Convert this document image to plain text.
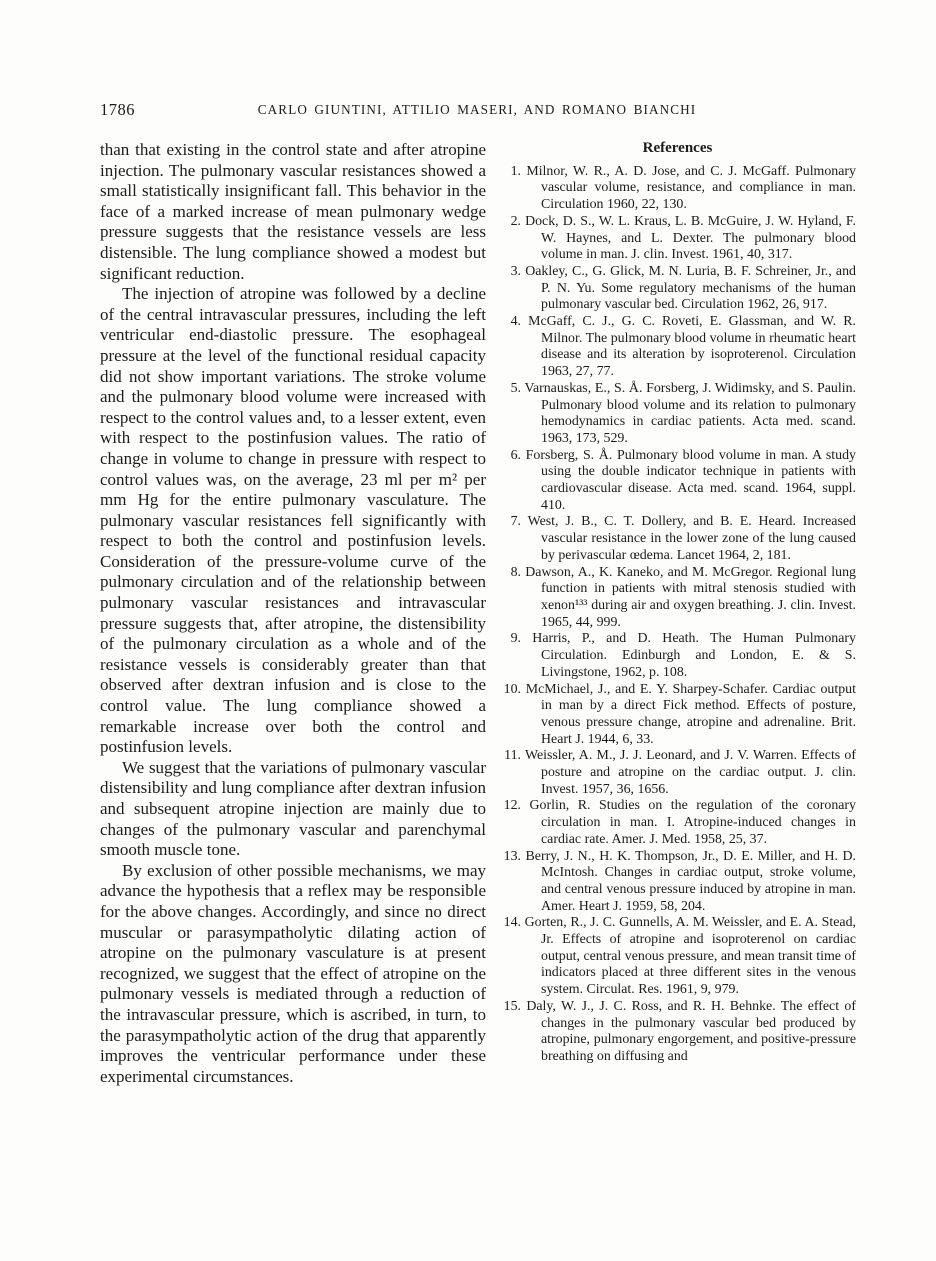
1786	CARLO GIUNTINI, ATTILIO MASERI, AND ROMANO BIANCHI

than that existing in the control state and after atropine injection. The pulmonary vascular resistances showed a small statistically insignificant fall. This behavior in the face of a marked increase of mean pulmonary wedge pressure suggests that the resistance vessels are less distensible. The lung compliance showed a modest but significant reduction.

The injection of atropine was followed by a decline of the central intravascular pressures, including the left ventricular end-diastolic pressure. The esophageal pressure at the level of the functional residual capacity did not show important variations. The stroke volume and the pulmonary blood volume were increased with respect to the control values and, to a lesser extent, even with respect to the postinfusion values. The ratio of change in volume to change in pressure with respect to control values was, on the average, 23 ml per m² per mm Hg for the entire pulmonary vasculature. The pulmonary vascular resistances fell significantly with respect to both the control and postinfusion levels. Consideration of the pressure-volume curve of the pulmonary circulation and of the relationship between pulmonary vascular resistances and intravascular pressure suggests that, after atropine, the distensibility of the pulmonary circulation as a whole and of the resistance vessels is considerably greater than that observed after dextran infusion and is close to the control value. The lung compliance showed a remarkable increase over both the control and postinfusion levels.

We suggest that the variations of pulmonary vascular distensibility and lung compliance after dextran infusion and subsequent atropine injection are mainly due to changes of the pulmonary vascular and parenchymal smooth muscle tone.

By exclusion of other possible mechanisms, we may advance the hypothesis that a reflex may be responsible for the above changes. Accordingly, and since no direct muscular or parasympatholytic dilating action of atropine on the pulmonary vasculature is at present recognized, we suggest that the effect of atropine on the pulmonary vessels is mediated through a reduction of the intravascular pressure, which is ascribed, in turn, to the parasympatholytic action of the drug that apparently improves the ventricular performance under these experimental circumstances.

References

1. Milnor, W. R., A. D. Jose, and C. J. McGaff. Pulmonary vascular volume, resistance, and compliance in man. Circulation 1960, 22, 130.
2. Dock, D. S., W. L. Kraus, L. B. McGuire, J. W. Hyland, F. W. Haynes, and L. Dexter. The pulmonary blood volume in man. J. clin. Invest. 1961, 40, 317.
3. Oakley, C., G. Glick, M. N. Luria, B. F. Schreiner, Jr., and P. N. Yu. Some regulatory mechanisms of the human pulmonary vascular bed. Circulation 1962, 26, 917.
4. McGaff, C. J., G. C. Roveti, E. Glassman, and W. R. Milnor. The pulmonary blood volume in rheumatic heart disease and its alteration by isoproterenol. Circulation 1963, 27, 77.
5. Varnauskas, E., S. Å. Forsberg, J. Widimsky, and S. Paulin. Pulmonary blood volume and its relation to pulmonary hemodynamics in cardiac patients. Acta med. scand. 1963, 173, 529.
6. Forsberg, S. Å. Pulmonary blood volume in man. A study using the double indicator technique in patients with cardiovascular disease. Acta med. scand. 1964, suppl. 410.
7. West, J. B., C. T. Dollery, and B. E. Heard. Increased vascular resistance in the lower zone of the lung caused by perivascular œdema. Lancet 1964, 2, 181.
8. Dawson, A., K. Kaneko, and M. McGregor. Regional lung function in patients with mitral stenosis studied with xenon¹³³ during air and oxygen breathing. J. clin. Invest. 1965, 44, 999.
9. Harris, P., and D. Heath. The Human Pulmonary Circulation. Edinburgh and London, E. & S. Livingstone, 1962, p. 108.
10. McMichael, J., and E. Y. Sharpey-Schafer. Cardiac output in man by a direct Fick method. Effects of posture, venous pressure change, atropine and adrenaline. Brit. Heart J. 1944, 6, 33.
11. Weissler, A. M., J. J. Leonard, and J. V. Warren. Effects of posture and atropine on the cardiac output. J. clin. Invest. 1957, 36, 1656.
12. Gorlin, R. Studies on the regulation of the coronary circulation in man. I. Atropine-induced changes in cardiac rate. Amer. J. Med. 1958, 25, 37.
13. Berry, J. N., H. K. Thompson, Jr., D. E. Miller, and H. D. McIntosh. Changes in cardiac output, stroke volume, and central venous pressure induced by atropine in man. Amer. Heart J. 1959, 58, 204.
14. Gorten, R., J. C. Gunnells, A. M. Weissler, and E. A. Stead, Jr. Effects of atropine and isoproterenol on cardiac output, central venous pressure, and mean transit time of indicators placed at three different sites in the venous system. Circulat. Res. 1961, 9, 979.
15. Daly, W. J., J. C. Ross, and R. H. Behnke. The effect of changes in the pulmonary vascular bed produced by atropine, pulmonary engorgement, and positive-pressure breathing on diffusing and
